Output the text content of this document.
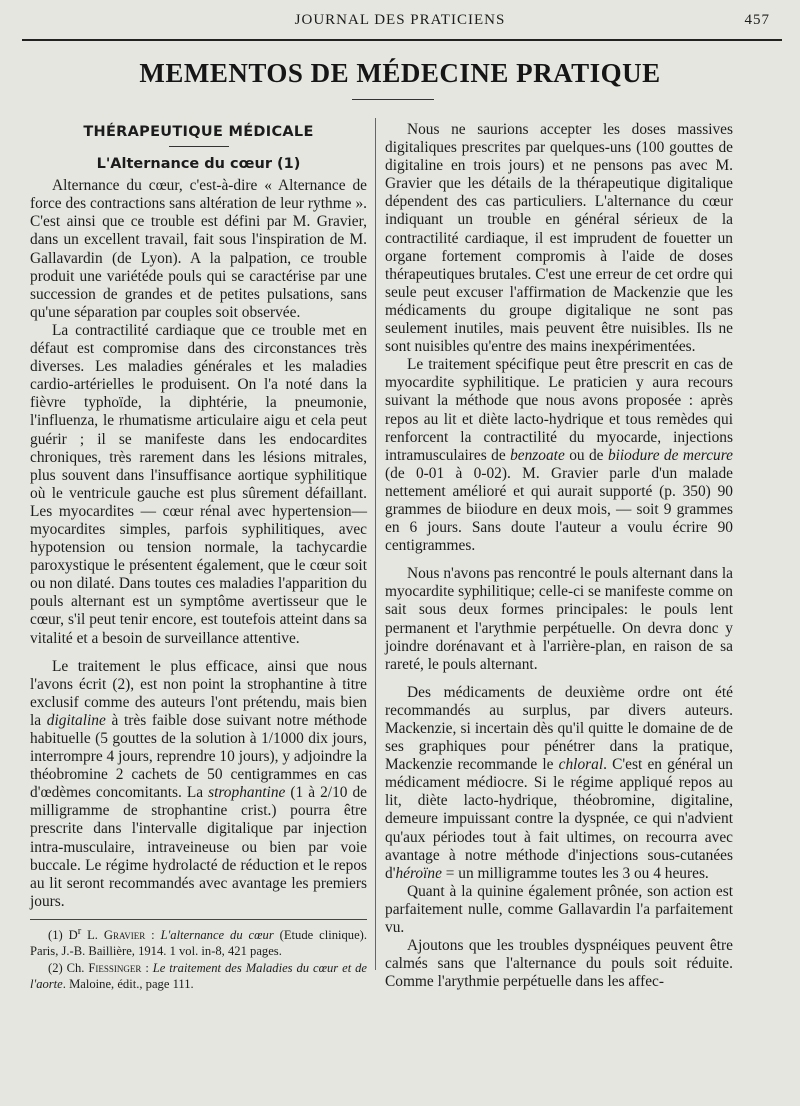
JOURNAL DES PRATICIENS	457
MEMENTOS DE MÉDECINE PRATIQUE
THÉRAPEUTIQUE MÉDICALE
L'Alternance du cœur (1)

Alternance du cœur, c'est-à-dire « Alternance de force des contractions sans altération de leur rythme ». C'est ainsi que ce trouble est défini par M. Gravier, dans un excellent travail, fait sous l'inspiration de M. Gallavardin (de Lyon). A la palpation, ce trouble produit une variétéde pouls qui se caractérise par une succession de grandes et de petites pulsations, sans qu'une séparation par couples soit observée.

La contractilité cardiaque que ce trouble met en défaut est compromise dans des circonstances très diverses. Les maladies générales et les maladies cardio-artérielles le produisent. On l'a noté dans la fièvre typhoïde, la diphtérie, la pneumonie, l'influenza, le rhumatisme articulaire aigu et cela peut guérir ; il se manifeste dans les endocardites chroniques, très rarement dans les lésions mitrales, plus souvent dans l'insuffisance aortique syphilitique où le ventricule gauche est plus sûrement défaillant. Les myocardites — cœur rénal avec hypertension— myocardites simples, parfois syphilitiques, avec hypotension ou tension normale, la tachycardie paroxystique le présentent également, que le cœur soit ou non dilaté. Dans toutes ces maladies l'apparition du pouls alternant est un symptôme avertisseur que le cœur, s'il peut tenir encore, est toutefois atteint dans sa vitalité et a besoin de surveillance attentive.

Le traitement le plus efficace, ainsi que nous l'avons écrit (2), est non point la strophantine à titre exclusif comme des auteurs l'ont prétendu, mais bien la digitaline à très faible dose suivant notre méthode habituelle (5 gouttes de la solution à 1/1000 dix jours, interrompre 4 jours, reprendre 10 jours), y adjoindre la théobromine 2 cachets de 50 centigrammes en cas d'œdèmes concomitants. La strophantine (1 à 2/10 de milligramme de strophantine crist.) pourra être prescrite dans l'intervalle digitalique par injection intra-musculaire, intraveineuse ou bien par voie buccale. Le régime hydrolacté de réduction et le repos au lit seront recommandés avec avantage les premiers jours.

(1) $D^r$ L. Gravier : L'alternance du cœur (Etude clinique). Paris, J.-B. Baillière, 1914. 1 vol. in-8, 421 pages.

(2) Ch. Fiessinger : Le traitement des Maladies du cœur et de l'aorte. Maloine, édit., page 111.

Nous ne saurions accepter les doses massives digitaliques prescrites par quelques-uns (100 gouttes de digitaline en trois jours) et ne pensons pas avec M. Gravier que les détails de la thérapeutique digitalique dépendent des cas particuliers. L'alternance du cœur indiquant un trouble en général sérieux de la contractilité cardiaque, il est imprudent de fouetter un organe fortement compromis à l'aide de doses thérapeutiques brutales. C'est une erreur de cet ordre qui seule peut excuser l'affirmation de Mackenzie que les médicaments du groupe digitalique ne sont pas seulement inutiles, mais peuvent être nuisibles. Ils ne sont nuisibles qu'entre des mains inexpérimentées.

Le traitement spécifique peut être prescrit en cas de myocardite syphilitique. Le praticien y aura recours suivant la méthode que nous avons proposée : après repos au lit et diète lacto-hydrique et tous remèdes qui renforcent la contractilité du myocarde, injections intramusculaires de benzoate ou de biiodure de mercure (de 0-01 à 0-02). M. Gravier parle d'un malade nettement amélioré et qui aurait supporté (p. 350) 90 grammes de biiodure en deux mois, — soit 9 grammes en 6 jours. Sans doute l'auteur a voulu écrire 90 centigrammes.

Nous n'avons pas rencontré le pouls alternant dans la myocardite syphilitique; celle-ci se manifeste comme on sait sous deux formes principales: le pouls lent permanent et l'arythmie perpétuelle. On devra donc y joindre dorénavant et à l'arrière-plan, en raison de sa rareté, le pouls alternant.

Des médicaments de deuxième ordre ont été recommandés au surplus, par divers auteurs. Mackenzie, si incertain dès qu'il quitte le domaine de de ses graphiques pour pénétrer dans la pratique, Mackenzie recommande le chloral. C'est en général un médicament médiocre. Si le régime appliqué repos au lit, diète lacto-hydrique, théobromine, digitaline, demeure impuissant contre la dyspnée, ce qui n'advient qu'aux périodes tout à fait ultimes, on recourra avec avantage à notre méthode d'injections sous-cutanées d'héroïne = un milligramme toutes les 3 ou 4 heures.

Quant à la quinine également prônée, son action est parfaitement nulle, comme Gallavardin l'a parfaitement vu.

Ajoutons que les troubles dyspnéiques peuvent être calmés sans que l'alternance du pouls soit réduite. Comme l'arythmie perpétuelle dans les affec-
